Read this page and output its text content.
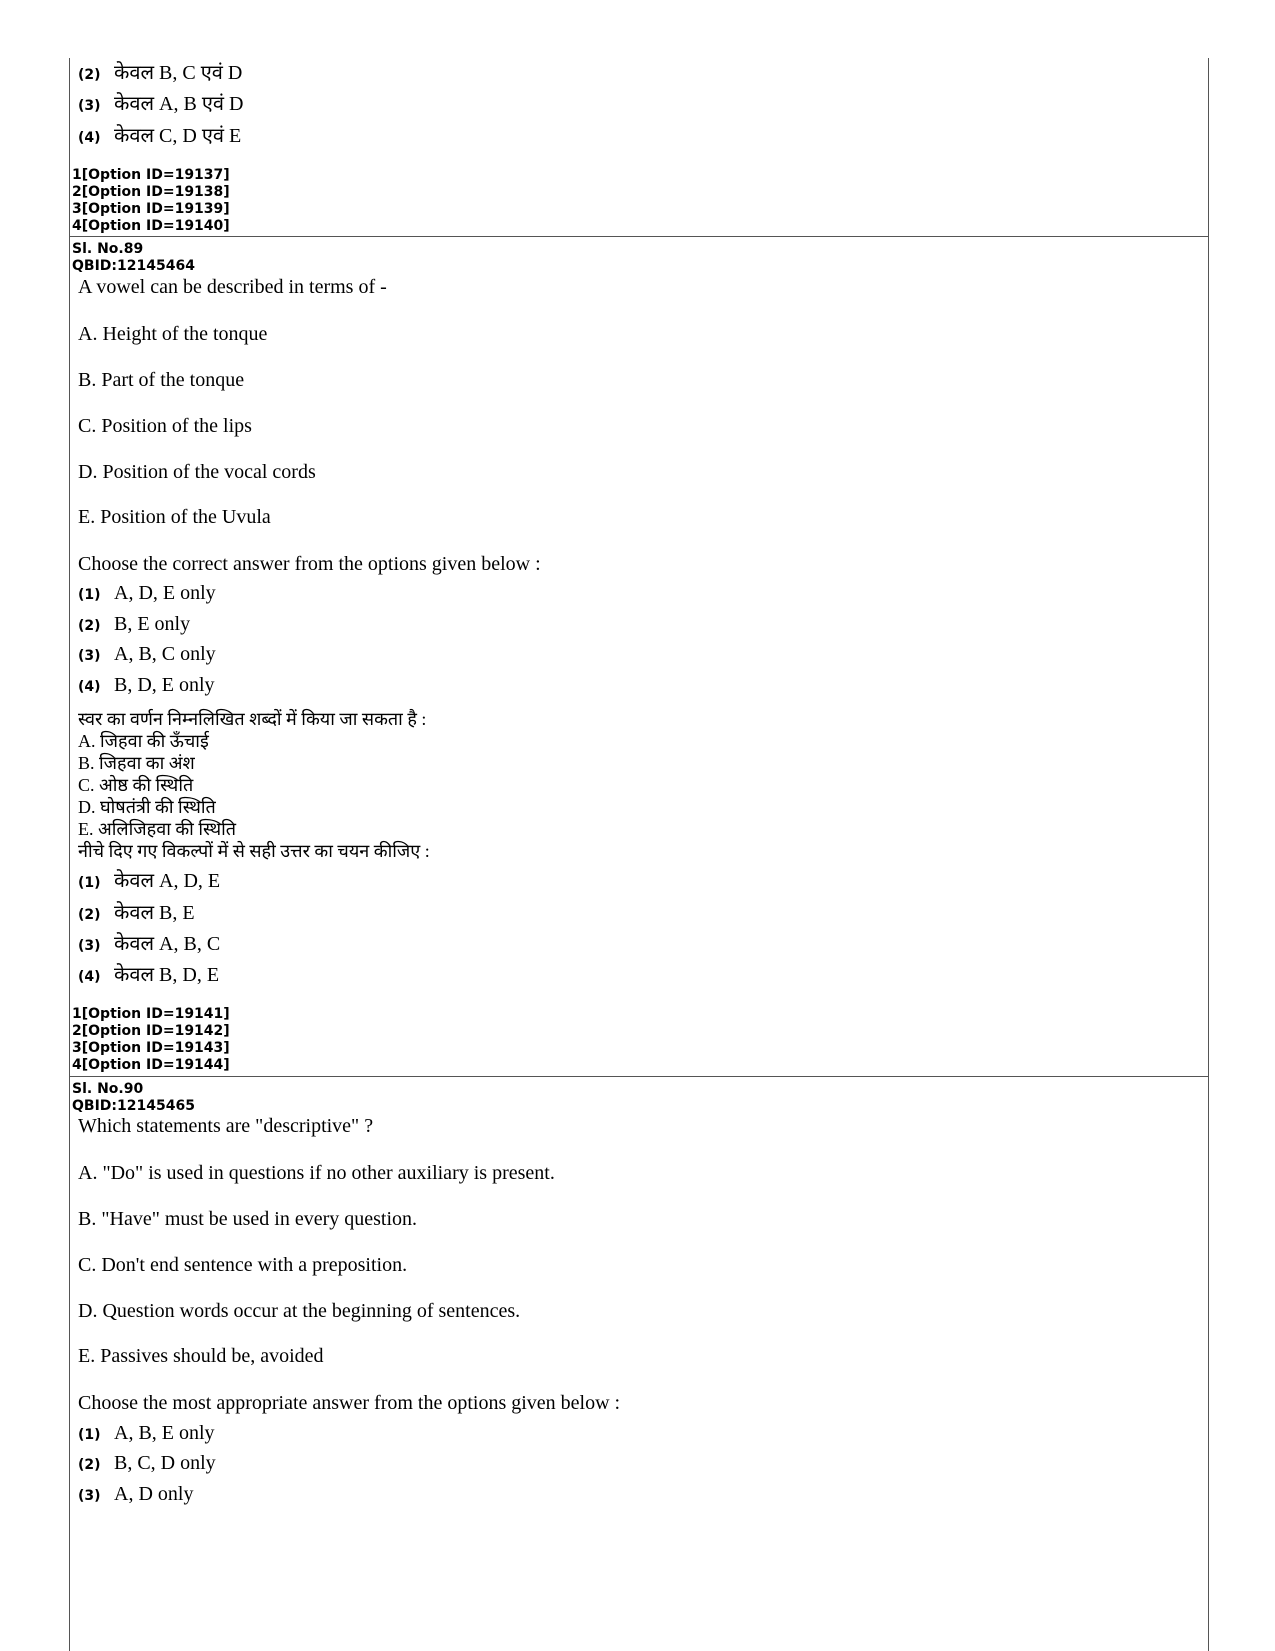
(2) केवल B, C एवं D
(3) केवल A, B एवं D
(4) केवल C, D एवं E
1[Option ID=19137]
2[Option ID=19138]
3[Option ID=19139]
4[Option ID=19140]
Sl. No.89
QBID:12145464
A vowel can be described in terms of -
A. Height of the tonque
B. Part of the tonque
C. Position of the lips
D. Position of the vocal cords
E. Position of the Uvula
Choose the correct answer from the options given below :
(1) A, D, E only
(2) B, E only
(3) A, B, C only
(4) B, D, E only
स्वर का वर्णन निम्नलिखित शब्दों में किया जा सकता है :
A. जिहवा की ऊँचाई
B. जिहवा का अंश
C. ओष्ठ की स्थिति
D. घोषतंत्री की स्थिति
E. अलिजिहवा की स्थिति
नीचे दिए गए विकल्पों में से सही उत्तर का चयन कीजिए :
(1) केवल A, D, E
(2) केवल B, E
(3) केवल A, B, C
(4) केवल B, D, E
1[Option ID=19141]
2[Option ID=19142]
3[Option ID=19143]
4[Option ID=19144]
Sl. No.90
QBID:12145465
Which statements are "descriptive" ?
A. "Do" is used in questions if no other auxiliary is present.
B. "Have" must be used in every question.
C. Don't end sentence with a preposition.
D. Question words occur at the beginning of sentences.
E. Passives should be, avoided
Choose the most appropriate answer from the options given below :
(1) A, B, E only
(2) B, C, D only
(3) A, D only
